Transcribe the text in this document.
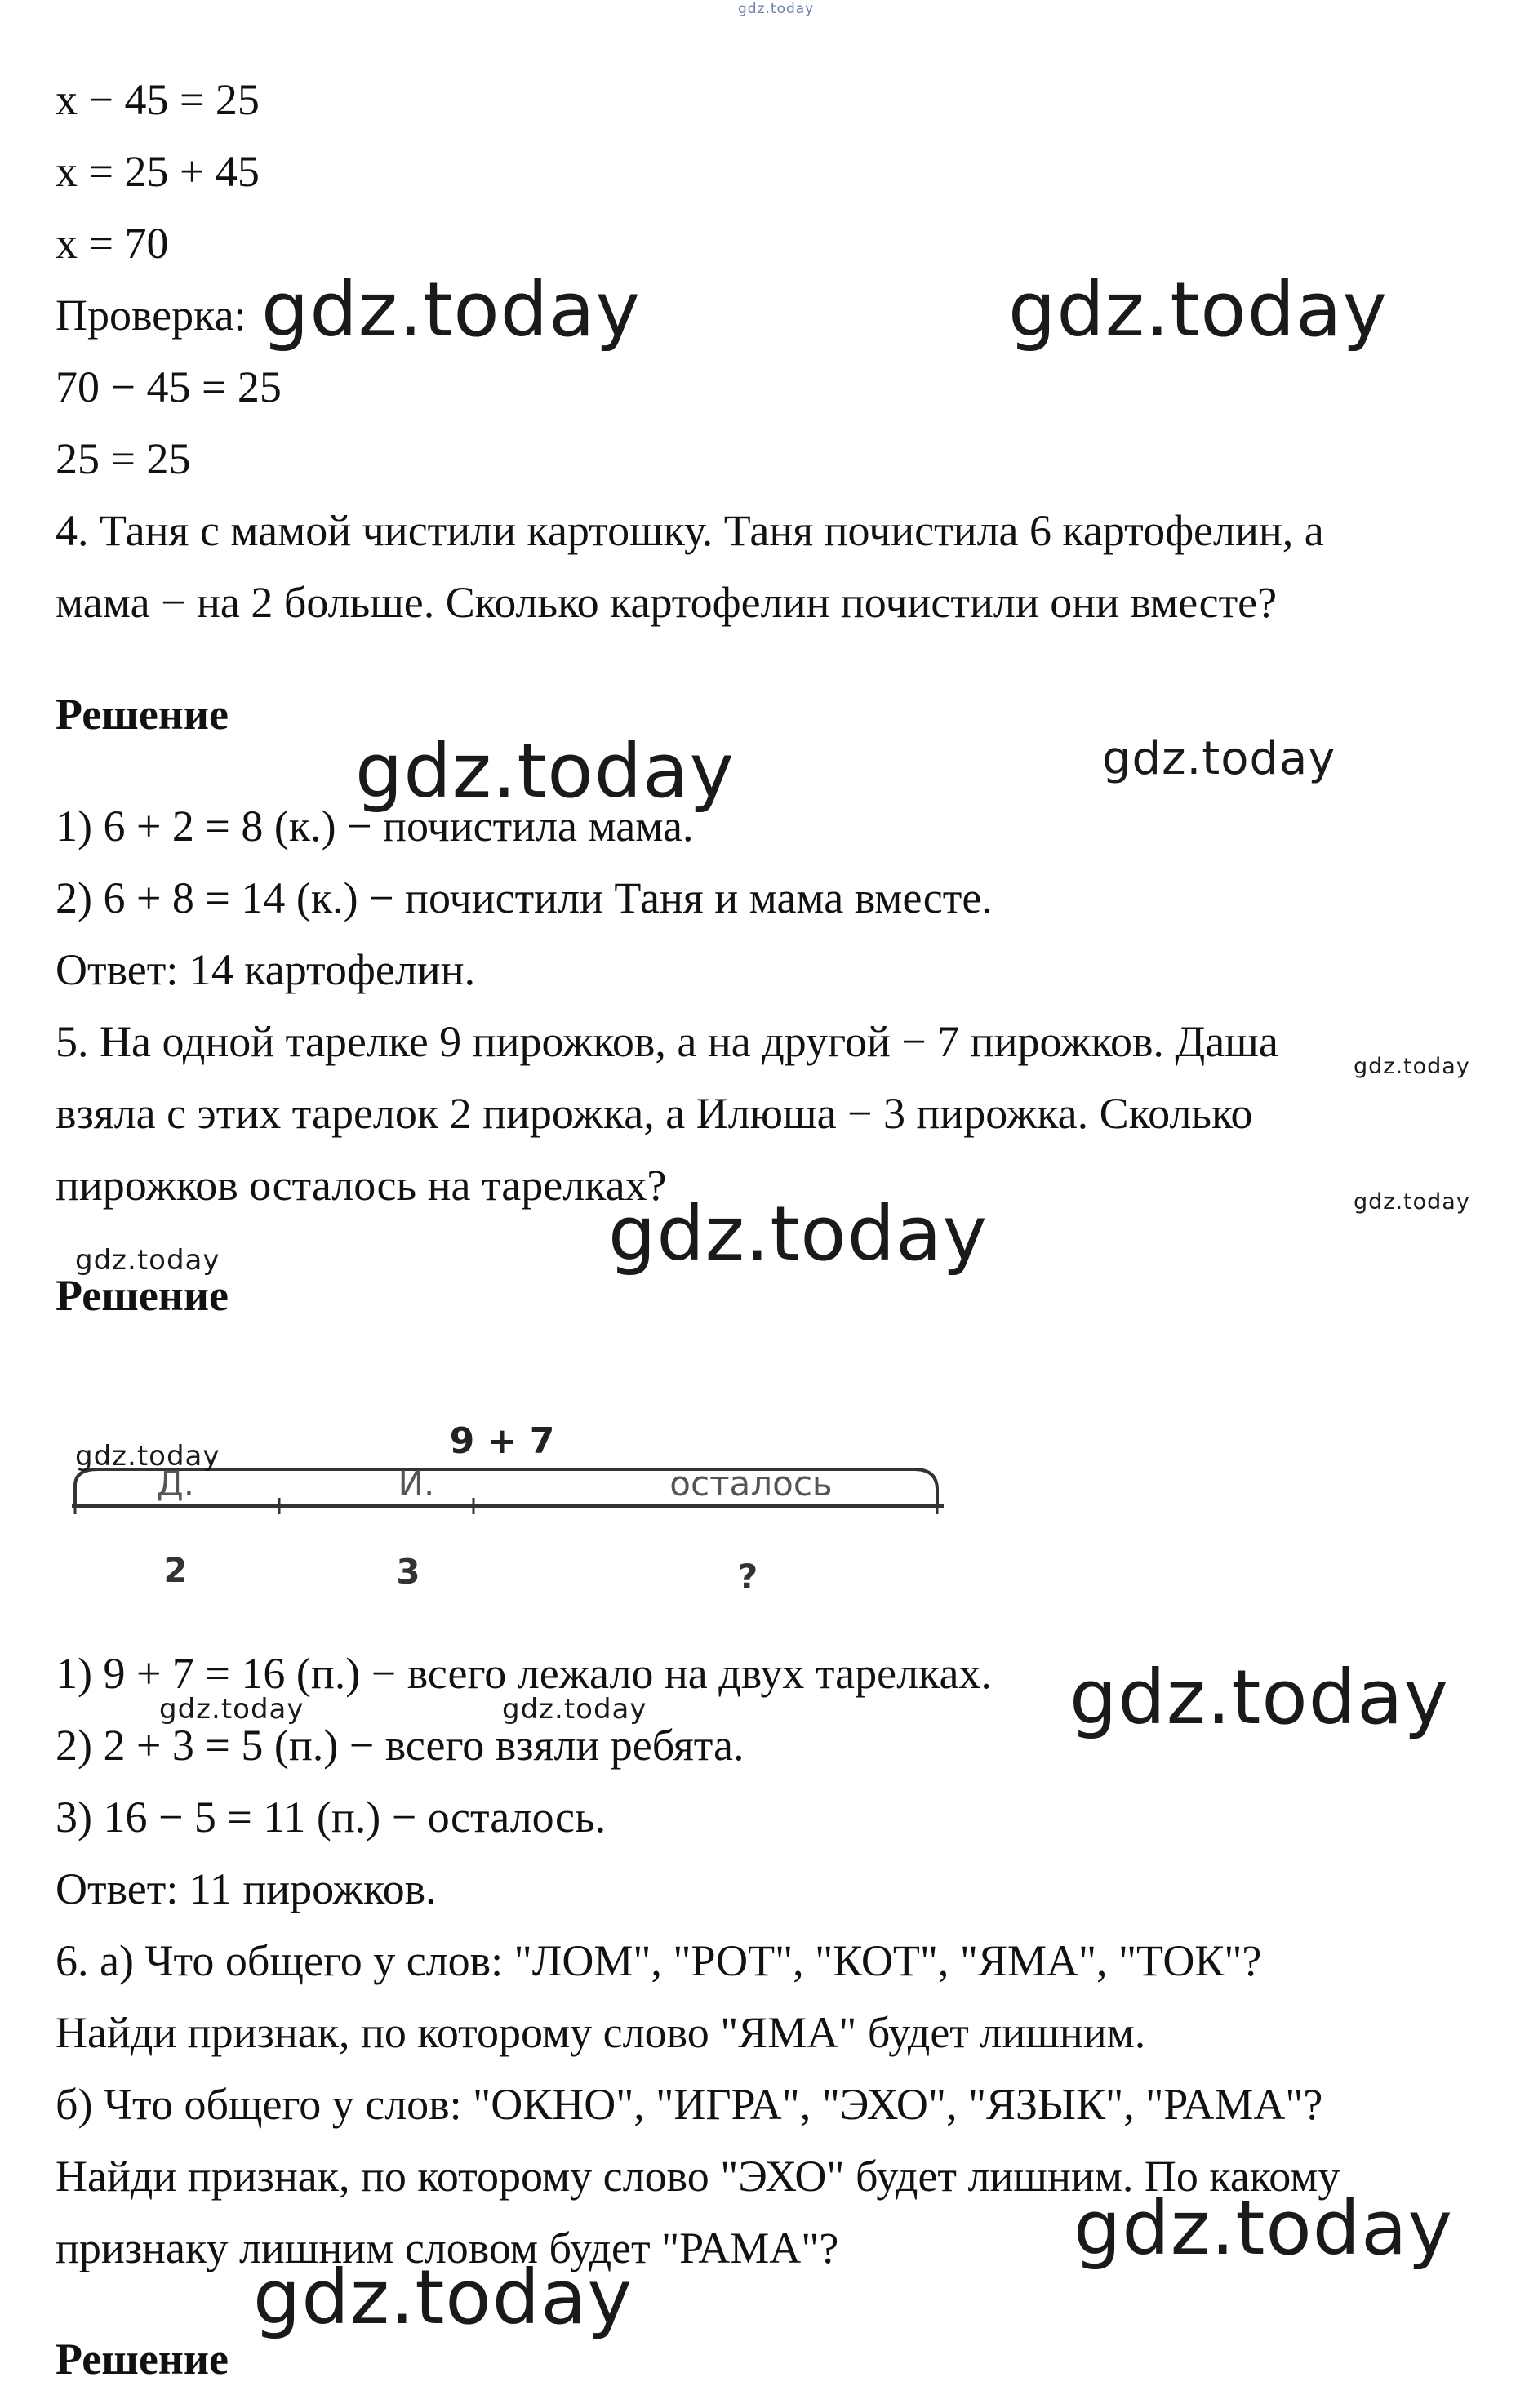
gdz.today
x − 45 = 25
x = 25 + 45
x = 70
Проверка:
70 − 45 = 25
25 = 25
4. Таня с мамой чистили картошку. Таня почистила 6 картофелин, а
мама − на 2 больше. Сколько картофелин почистили они вместе?
Решение
1) 6 + 2 = 8 (к.) − почистила мама.
2) 6 + 8 = 14 (к.) − почистили Таня и мама вместе.
Ответ: 14 картофелин.
5. На одной тарелке 9 пирожков, а на другой − 7 пирожков. Даша
взяла с этих тарелок 2 пирожка, а Илюша − 3 пирожка. Сколько
пирожков осталось на тарелках?
Решение
9 + 7
Д.	И.	осталось
2	3	?
1) 9 + 7 = 16 (п.) − всего лежало на двух тарелках.
2) 2 + 3 = 5 (п.) − всего взяли ребята.
3) 16 − 5 = 11 (п.) − осталось.
Ответ: 11 пирожков.
6. а) Что общего у слов: "ЛОМ", "РОТ", "КОТ", "ЯМА", "ТОК"?
Найди признак, по которому слово "ЯМА" будет лишним.
б) Что общего у слов: "ОКНО", "ИГРА", "ЭХО", "ЯЗЫК", "РАМА"?
Найди признак, по которому слово "ЭХО" будет лишним. По какому
признаку лишним словом будет "РАМА"?
Решение
gdz.today	gdz.today
gdz.today	gdz.today
gdz.today
gdz.today
gdz.today
gdz.today
gdz.today
gdz.today
gdz.today	gdz.today
gdz.today
gdz.today
